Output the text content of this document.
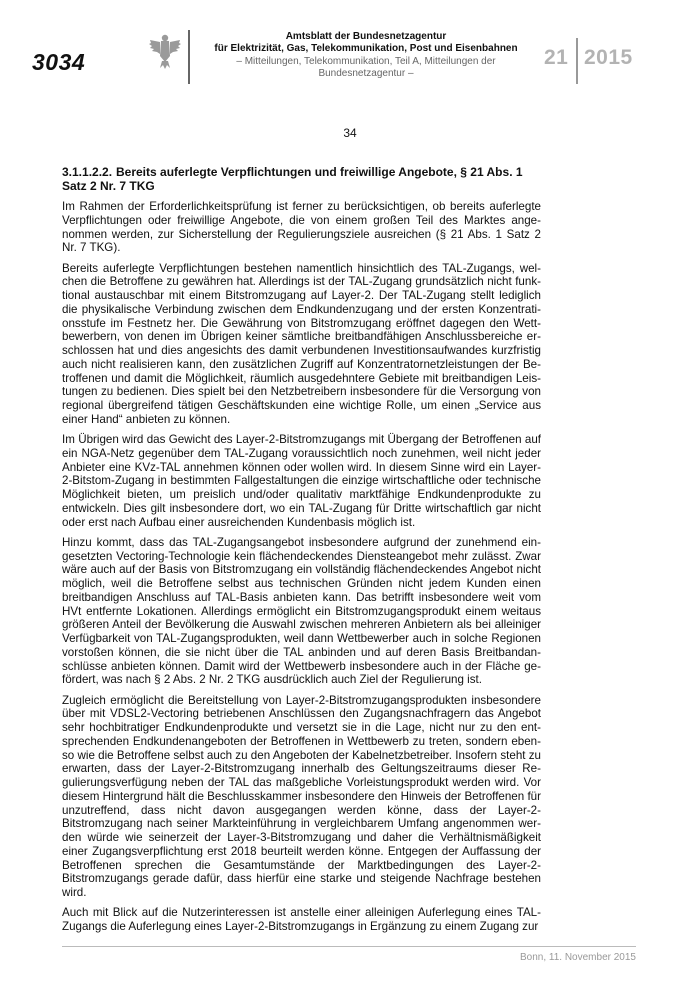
3034
Amtsblatt der Bundesnetzagentur
für Elektrizität, Gas, Telekommunikation, Post und Eisenbahnen
– Mitteilungen, Telekommunikation, Teil A, Mitteilungen der Bundesnetzagentur –
21 2015
34
3.1.1.2.2. Bereits auferlegte Verpflichtungen und freiwillige Angebote, § 21 Abs. 1 Satz 2 Nr. 7 TKG

Im Rahmen der Erforderlichkeitsprüfung ist ferner zu berücksichtigen, ob bereits auferlegte Verpflichtungen oder freiwillige Angebote, die von einem großen Teil des Marktes angenommen werden, zur Sicherstellung der Regulierungsziele ausreichen (§ 21 Abs. 1 Satz 2 Nr. 7 TKG).

Bereits auferlegte Verpflichtungen bestehen namentlich hinsichtlich des TAL-Zugangs, welchen die Betroffene zu gewähren hat. Allerdings ist der TAL-Zugang grundsätzlich nicht funktional austauschbar mit einem Bitstromzugang auf Layer-2. Der TAL-Zugang stellt lediglich die physikalische Verbindung zwischen dem Endkundenzugang und der ersten Konzentrationsstufe im Festnetz her. Die Gewährung von Bitstromzugang eröffnet dagegen den Wettbewerbern, von denen im Übrigen keiner sämtliche breitbandfähigen Anschlussbereiche erschlossen hat und dies angesichts des damit verbundenen Investitionsaufwandes kurzfristig auch nicht realisieren kann, den zusätzlichen Zugriff auf Konzentratornetzleistungen der Betroffenen und damit die Möglichkeit, räumlich ausgedehntere Gebiete mit breitbandigen Leistungen zu bedienen. Dies spielt bei den Netzbetreibern insbesondere für die Versorgung von regional übergreifend tätigen Geschäftskunden eine wichtige Rolle, um einen „Service aus einer Hand“ anbieten zu können.

Im Übrigen wird das Gewicht des Layer-2-Bitstromzugangs mit Übergang der Betroffenen auf ein NGA-Netz gegenüber dem TAL-Zugang voraussichtlich noch zunehmen, weil nicht jeder Anbieter eine KVz-TAL annehmen können oder wollen wird. In diesem Sinne wird ein Layer-2-Bitstom-Zugang in bestimmten Fallgestaltungen die einzige wirtschaftliche oder technische Möglichkeit bieten, um preislich und/oder qualitativ marktfähige Endkundenprodukte zu entwickeln. Dies gilt insbesondere dort, wo ein TAL-Zugang für Dritte wirtschaftlich gar nicht oder erst nach Aufbau einer ausreichenden Kundenbasis möglich ist.

Hinzu kommt, dass das TAL-Zugangsangebot insbesondere aufgrund der zunehmend eingesetzten Vectoring-Technologie kein flächendeckendes Diensteangebot mehr zulässt. Zwar wäre auch auf der Basis von Bitstromzugang ein vollständig flächendeckendes Angebot nicht möglich, weil die Betroffene selbst aus technischen Gründen nicht jedem Kunden einen breitbandigen Anschluss auf TAL-Basis anbieten kann. Das betrifft insbesondere weit vom HVt entfernte Lokationen. Allerdings ermöglicht ein Bitstromzugangsprodukt einem weitaus größeren Anteil der Bevölkerung die Auswahl zwischen mehreren Anbietern als bei alleiniger Verfügbarkeit von TAL-Zugangsprodukten, weil dann Wettbewerber auch in solche Regionen vorstoßen können, die sie nicht über die TAL anbinden und auf deren Basis Breitbandanschlüsse anbieten können. Damit wird der Wettbewerb insbesondere auch in der Fläche gefördert, was nach § 2 Abs. 2 Nr. 2 TKG ausdrücklich auch Ziel der Regulierung ist.

Zugleich ermöglicht die Bereitstellung von Layer-2-Bitstromzugangsprodukten insbesondere über mit VDSL2-Vectoring betriebenen Anschlüssen den Zugangsnachfragern das Angebot sehr hochbitratiger Endkundenprodukte und versetzt sie in die Lage, nicht nur zu den entsprechenden Endkundenangeboten der Betroffenen in Wettbewerb zu treten, sondern ebenso wie die Betroffene selbst auch zu den Angeboten der Kabelnetzbetreiber. Insofern steht zu erwarten, dass der Layer-2-Bitstromzugang innerhalb des Geltungszeitraums dieser Regulierungsverfügung neben der TAL das maßgebliche Vorleistungsprodukt werden wird. Vor diesem Hintergrund hält die Beschlusskammer insbesondere den Hinweis der Betroffenen für unzutreffend, dass nicht davon ausgegangen werden könne, dass der Layer-2-Bitstromzugang nach seiner Markteinführung in vergleichbarem Umfang angenommen werden würde wie seinerzeit der Layer-3-Bitstromzugang und daher die Verhältnismäßigkeit einer Zugangsverpflichtung erst 2018 beurteilt werden könne. Entgegen der Auffassung der Betroffenen sprechen die Gesamtumstände der Marktbedingungen des Layer-2-Bitstromzugangs gerade dafür, dass hierfür eine starke und steigende Nachfrage bestehen wird.

Auch mit Blick auf die Nutzerinteressen ist anstelle einer alleinigen Auferlegung eines TAL-Zugangs die Auferlegung eines Layer-2-Bitstromzugangs in Ergänzung zu einem Zugang zur

Bonn, 11. November 2015
